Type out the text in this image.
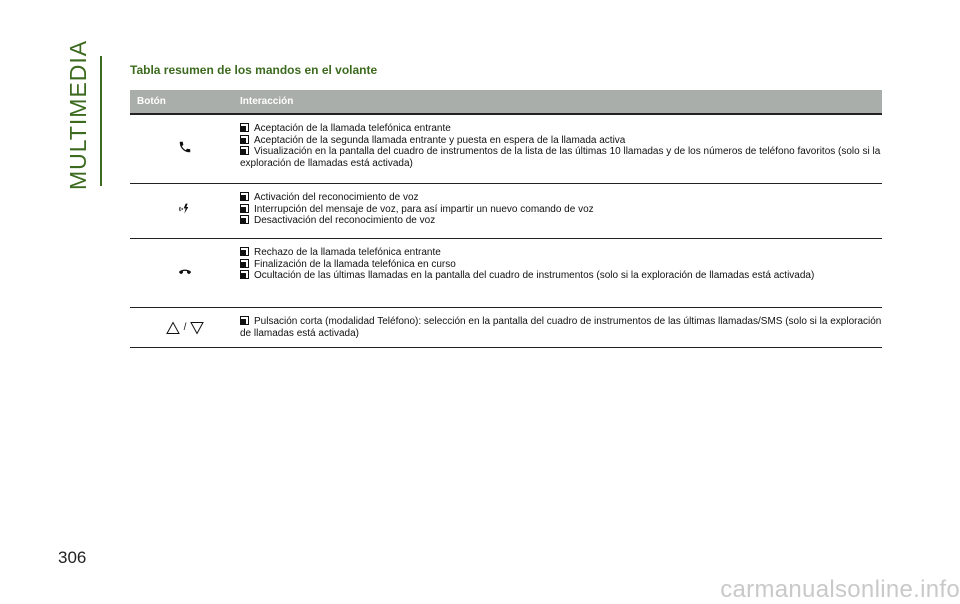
MULTIMEDIA	Tabla resumen de los mandos en el volante
Botón	Interacción
Aceptación de la llamada telefónica entrante
Aceptación de la segunda llamada entrante y puesta en espera de la llamada activa
Visualización en la pantalla del cuadro de instrumentos de la lista de las últimas 10 llamadas y de los números de teléfono favoritos (solo si la exploración de llamadas está activada)
Activación del reconocimiento de voz
Interrupción del mensaje de voz, para así impartir un nuevo comando de voz
Desactivación del reconocimiento de voz
Rechazo de la llamada telefónica entrante
Finalización de la llamada telefónica en curso
Ocultación de las últimas llamadas en la pantalla del cuadro de instrumentos (solo si la exploración de llamadas está activada)
/
Pulsación corta (modalidad Teléfono): selección en la pantalla del cuadro de instrumentos de las últimas llamadas/SMS (solo si la exploración de llamadas está activada)
306
carmanualsonline.info
